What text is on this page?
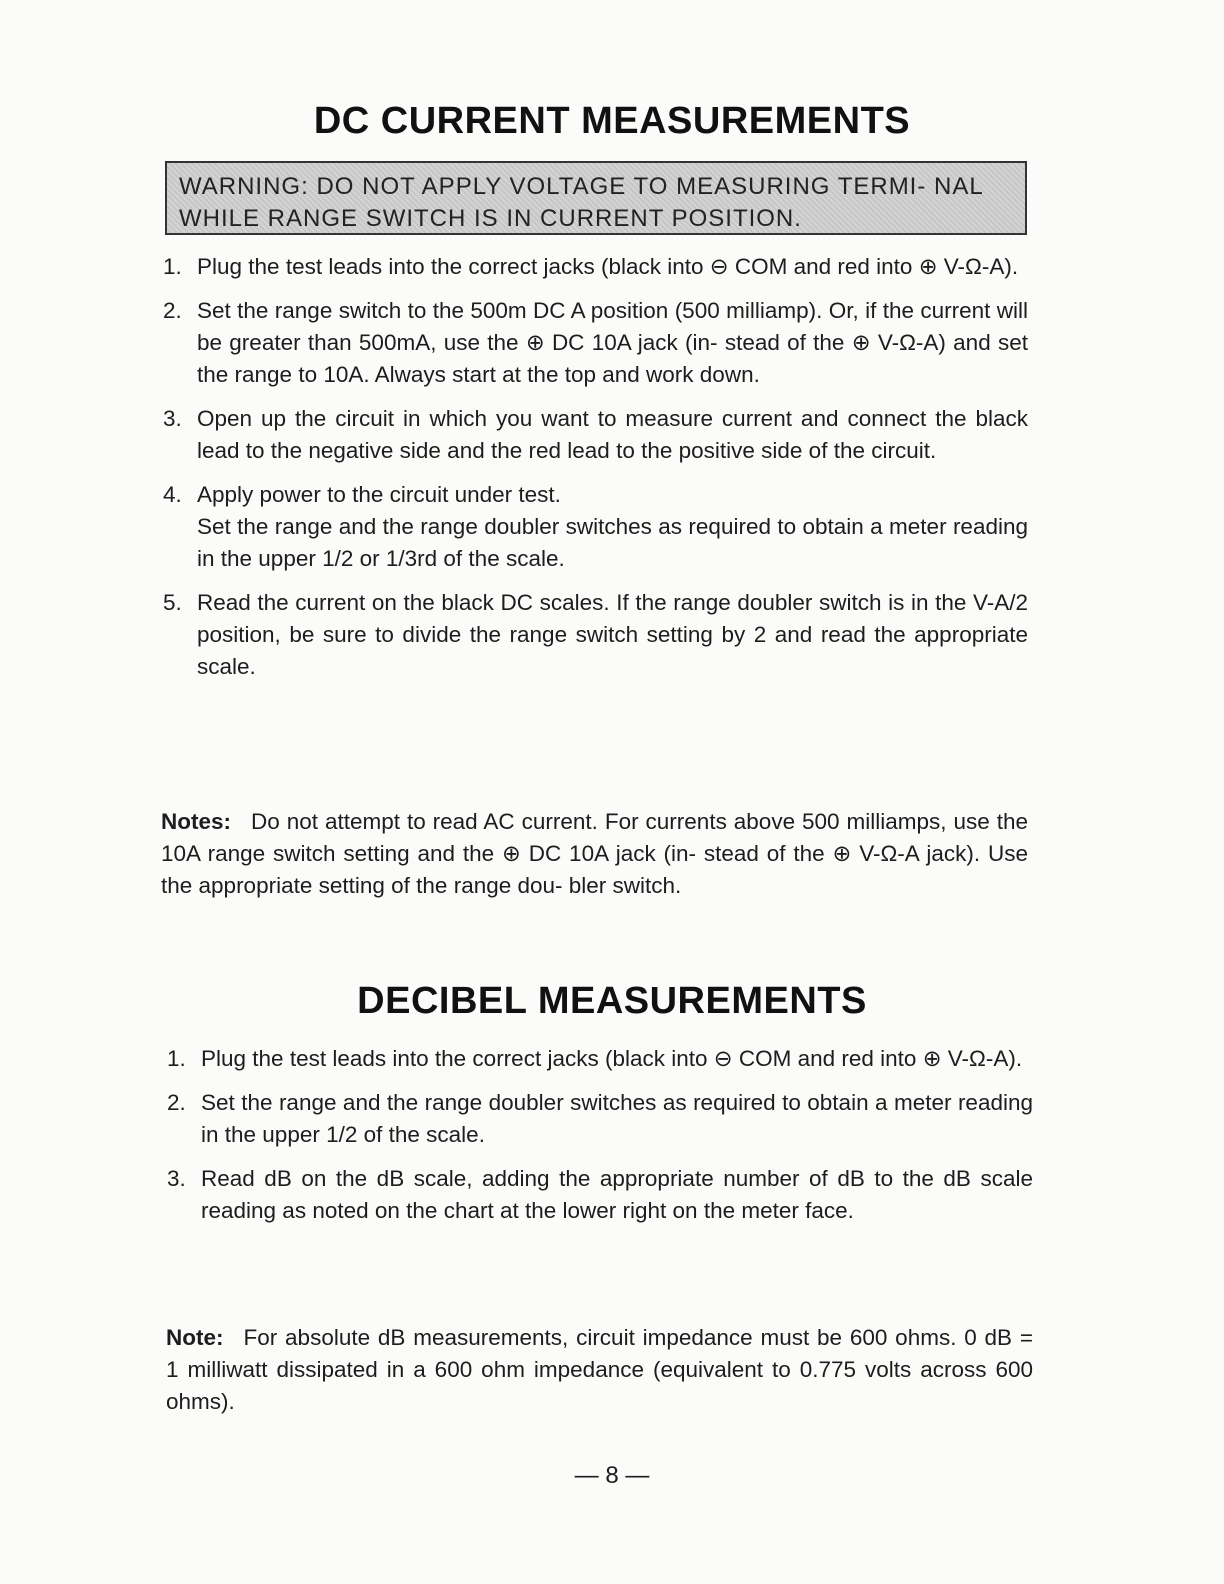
DC CURRENT MEASUREMENTS
WARNING: DO NOT APPLY VOLTAGE TO MEASURING TERMI- NAL WHILE RANGE SWITCH IS IN CURRENT POSITION.
1. Plug the test leads into the correct jacks (black into ⊖ COM and red into ⊕ V-Ω-A).
2. Set the range switch to the 500m DC A position (500 milliamp). Or, if the current will be greater than 500mA, use the ⊕ DC 10A jack (in- stead of the ⊕ V-Ω-A) and set the range to 10A. Always start at the top and work down.
3. Open up the circuit in which you want to measure current and connect the black lead to the negative side and the red lead to the positive side of the circuit.
4. Apply power to the circuit under test.
Set the range and the range doubler switches as required to obtain a meter reading in the upper 1/2 or 1/3rd of the scale.
5. Read the current on the black DC scales. If the range doubler switch is in the V-A/2 position, be sure to divide the range switch setting by 2 and read the appropriate scale.
Notes: Do not attempt to read AC current. For currents above 500 milliamps, use the 10A range switch setting and the ⊕ DC 10A jack (in- stead of the ⊕ V-Ω-A jack). Use the appropriate setting of the range dou- bler switch.
DECIBEL MEASUREMENTS
1. Plug the test leads into the correct jacks (black into ⊖ COM and red into ⊕ V-Ω-A).
2. Set the range and the range doubler switches as required to obtain a meter reading in the upper 1/2 of the scale.
3. Read dB on the dB scale, adding the appropriate number of dB to the dB scale reading as noted on the chart at the lower right on the meter face.
Note: For absolute dB measurements, circuit impedance must be 600 ohms. 0 dB = 1 milliwatt dissipated in a 600 ohm impedance (equivalent to 0.775 volts across 600 ohms).
— 8 —
